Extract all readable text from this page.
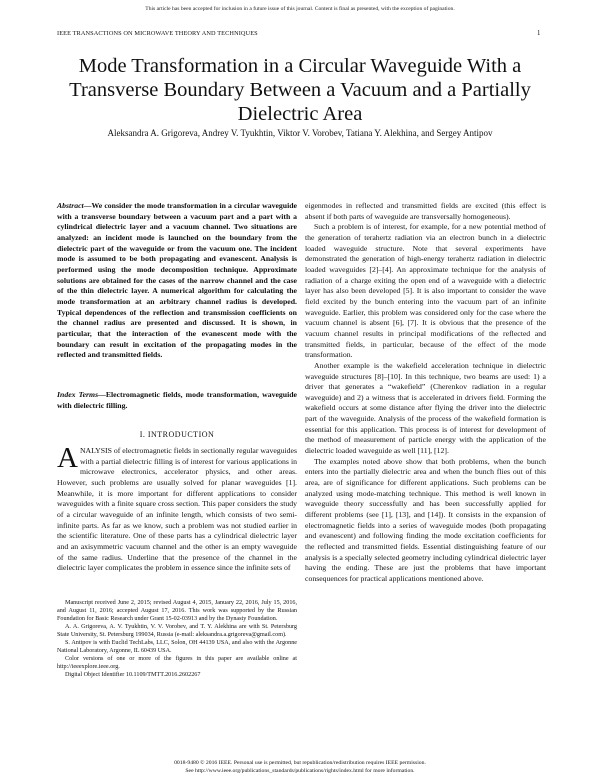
This article has been accepted for inclusion in a future issue of this journal. Content is final as presented, with the exception of pagination.
IEEE TRANSACTIONS ON MICROWAVE THEORY AND TECHNIQUES	1
Mode Transformation in a Circular Waveguide With a Transverse Boundary Between a Vacuum and a Partially Dielectric Area
Aleksandra A. Grigoreva, Andrey V. Tyukhtin, Viktor V. Vorobev, Tatiana Y. Alekhina, and Sergey Antipov
Abstract—We consider the mode transformation in a circular waveguide with a transverse boundary between a vacuum part and a part with a cylindrical dielectric layer and a vacuum channel. Two situations are analyzed: an incident mode is launched on the boundary from the dielectric part of the waveguide or from the vacuum one. The incident mode is assumed to be both propagating and evanescent. Analysis is performed using the mode decomposition technique. Approximate solutions are obtained for the cases of the narrow channel and the case of the thin dielectric layer. A numerical algorithm for calculating the mode transformation at an arbitrary channel radius is developed. Typical dependences of the reflection and transmission coefficients on the channel radius are presented and discussed. It is shown, in particular, that the interaction of the evanescent mode with the boundary can result in excitation of the propagating modes in the reflected and transmitted fields.
Index Terms—Electromagnetic fields, mode transformation, waveguide with dielectric filling.
I. INTRODUCTION
ANALYSIS of electromagnetic fields in sectionally regular waveguides with a partial dielectric filling is of interest for various applications in microwave electronics, accelerator physics, and other areas. However, such problems are usually solved for planar waveguides [1]. Meanwhile, it is more important for different applications to consider waveguides with a finite square cross section. This paper considers the study of a circular waveguide of an infinite length, which consists of two semi-infinite parts. As far as we know, such a problem was not studied earlier in the scientific literature. One of these parts has a cylindrical dielectric layer and an axisymmetric vacuum channel and the other is an empty waveguide of the same radius. Underline that the presence of the channel in the dielectric layer complicates the problem in essence since the infinite sets of

Manuscript received June 2, 2015; revised August 4, 2015, January 22, 2016, July 15, 2016, and August 11, 2016; accepted August 17, 2016. This work was supported by the Russian Foundation for Basic Research under Grant 15-02-03913 and by the Dynasty Foundation.

A. A. Grigoreva, A. V. Tyukhtin, V. V. Vorobev, and T. Y. Alekhina are with St. Petersburg State University, St. Petersburg 199034, Russia (e-mail: aleksandra.a.grigoreva@gmail.com).

S. Antipov is with Euclid TechLabs, LLC, Solon, OH 44139 USA, and also with the Argonne National Laboratory, Argonne, IL 60439 USA.

Color versions of one or more of the figures in this paper are available online at http://ieeexplore.ieee.org.

Digital Object Identifier 10.1109/TMTT.2016.2602267

eigenmodes in reflected and transmitted fields are excited (this effect is absent if both parts of waveguide are transversally homogeneous).

Such a problem is of interest, for example, for a new potential method of the generation of terahertz radiation via an electron bunch in a dielectric loaded waveguide structure. Note that several experiments have demonstrated the generation of high-energy terahertz radiation in dielectric loaded waveguides [2]–[4]. An approximate technique for the analysis of radiation of a charge exiting the open end of a waveguide with a dielectric layer has also been developed [5]. It is also important to consider the wave field excited by the bunch entering into the vacuum part of an infinite waveguide. Earlier, this problem was considered only for the case where the vacuum channel is absent [6], [7]. It is obvious that the presence of the vacuum channel results in principal modifications of the reflected and transmitted fields, in particular, because of the effect of the mode transformation.

Another example is the wakefield acceleration technique in dielectric waveguide structures [8]–[10]. In this technique, two beams are used: 1) a driver that generates a “wakefield” (Cherenkov radiation in a regular waveguide) and 2) a witness that is accelerated in drivers field. Forming the wakefield occurs at some distance after flying the driver into the dielectric part of the waveguide. Analysis of the process of the wakefield formation is essential for this application. This process is of interest for development of the method of measurement of particle energy with the application of the dielectric loaded waveguide as well [11], [12].

The examples noted above show that both problems, when the bunch enters into the partially dielectric area and when the bunch flies out of this area, are of significance for different applications. Such problems can be analyzed using mode-matching technique. This method is well known in waveguide theory successfully and has been successfully applied for different problems (see [1], [13], and [14]). It consists in the expansion of electromagnetic fields into a series of waveguide modes (both propagating and evanescent) and following finding the mode excitation coefficients for the reflected and transmitted fields. Essential distinguishing feature of our analysis is a specially selected geometry including cylindrical dielectric layer having the ending. These are just the problems that have important consequences for practical applications mentioned above.

0018-9480 © 2016 IEEE. Personal use is permitted, but republication/redistribution requires IEEE permission.
See http://www.ieee.org/publications_standards/publications/rights/index.html for more information.
